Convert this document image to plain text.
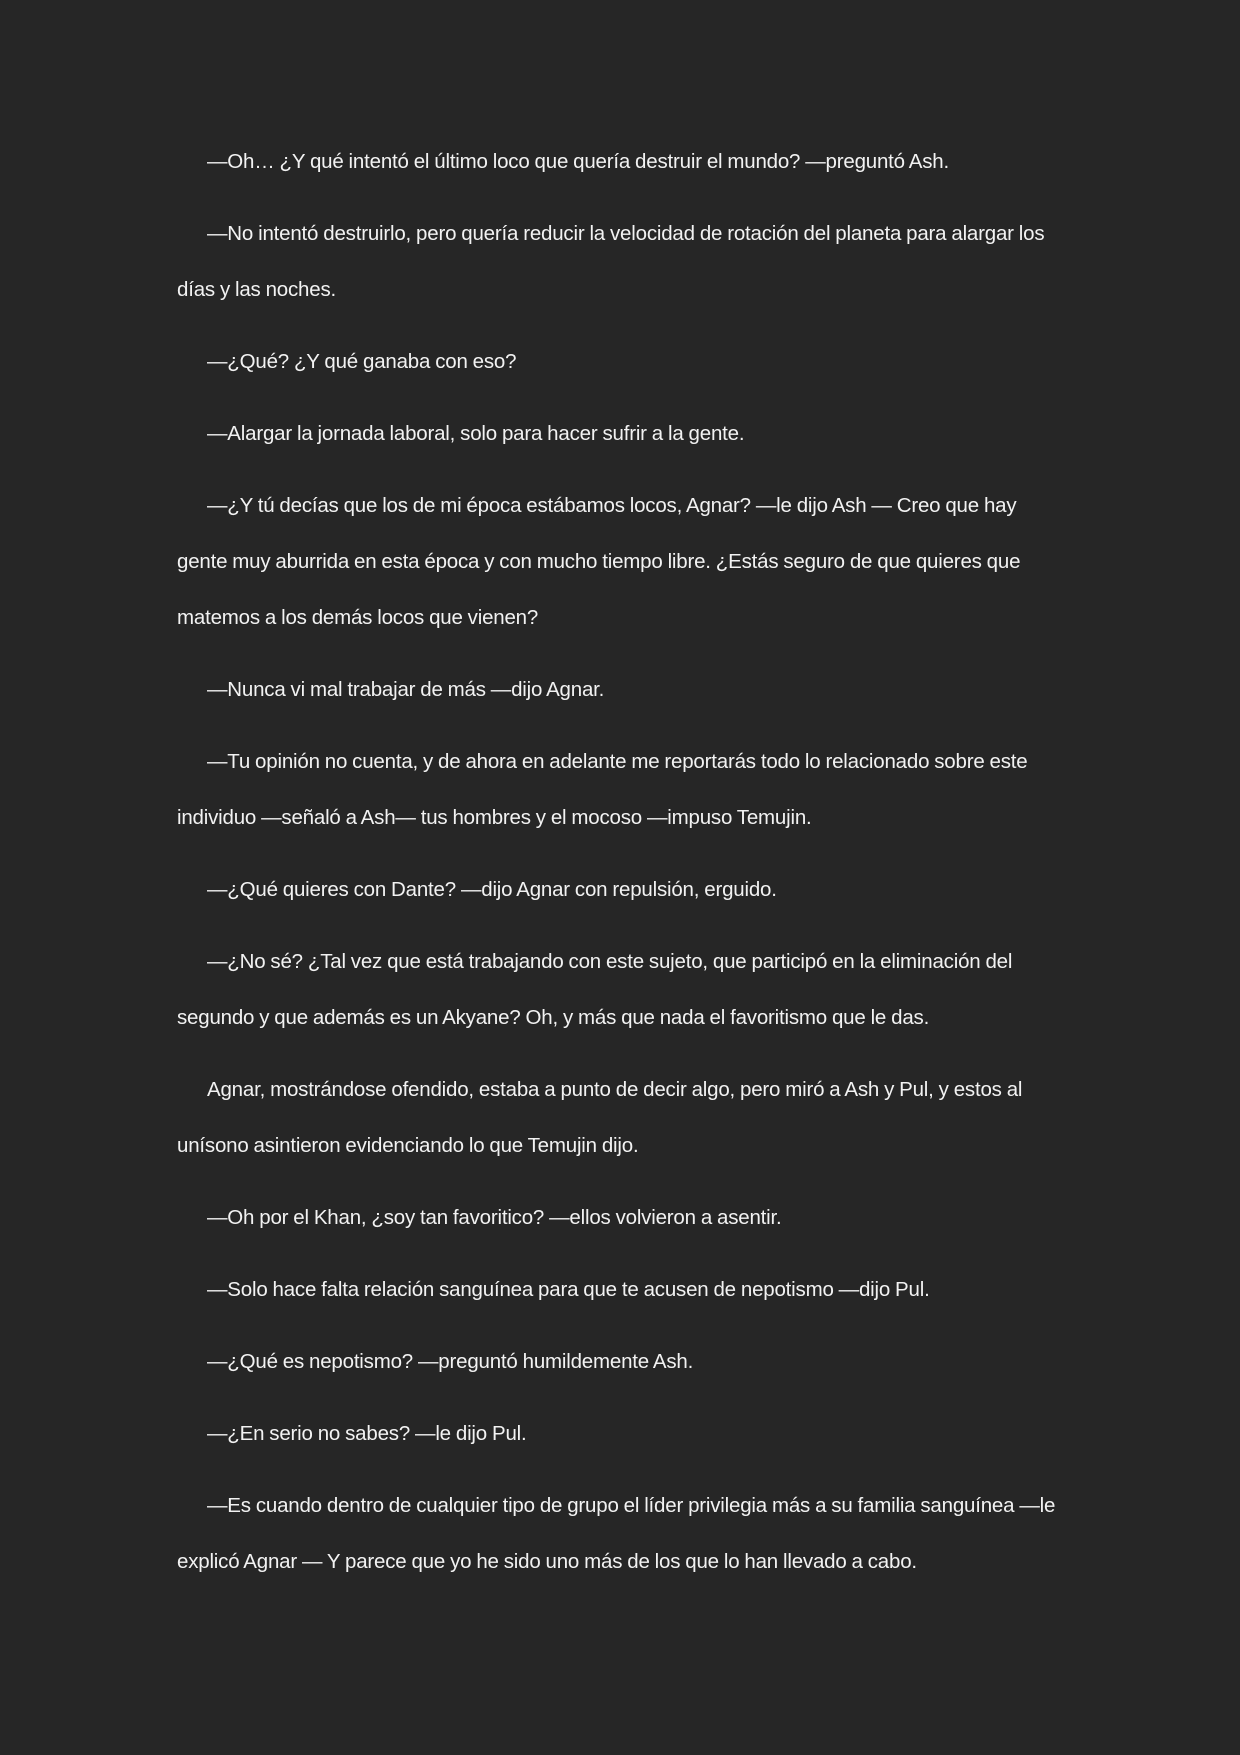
—Oh… ¿Y qué intentó el último loco que quería destruir el mundo? —preguntó Ash.

—No intentó destruirlo, pero quería reducir la velocidad de rotación del planeta para alargar los días y las noches.

—¿Qué? ¿Y qué ganaba con eso?

—Alargar la jornada laboral, solo para hacer sufrir a la gente.

—¿Y tú decías que los de mi época estábamos locos, Agnar? —le dijo Ash — Creo que hay gente muy aburrida en esta época y con mucho tiempo libre. ¿Estás seguro de que quieres que matemos a los demás locos que vienen?

—Nunca vi mal trabajar de más —dijo Agnar.

—Tu opinión no cuenta, y de ahora en adelante me reportarás todo lo relacionado sobre este individuo —señaló a Ash— tus hombres y el mocoso —impuso Temujin.

—¿Qué quieres con Dante? —dijo Agnar con repulsión, erguido.

—¿No sé? ¿Tal vez que está trabajando con este sujeto, que participó en la eliminación del segundo y que además es un Akyane? Oh, y más que nada el favoritismo que le das.

Agnar, mostrándose ofendido, estaba a punto de decir algo, pero miró a Ash y Pul, y estos al unísono asintieron evidenciando lo que Temujin dijo.

—Oh por el Khan, ¿soy tan favoritico? —ellos volvieron a asentir.

—Solo hace falta relación sanguínea para que te acusen de nepotismo —dijo Pul.

—¿Qué es nepotismo? —preguntó humildemente Ash.

—¿En serio no sabes? —le dijo Pul.

—Es cuando dentro de cualquier tipo de grupo el líder privilegia más a su familia sanguínea —le explicó Agnar — Y parece que yo he sido uno más de los que lo han llevado a cabo.
